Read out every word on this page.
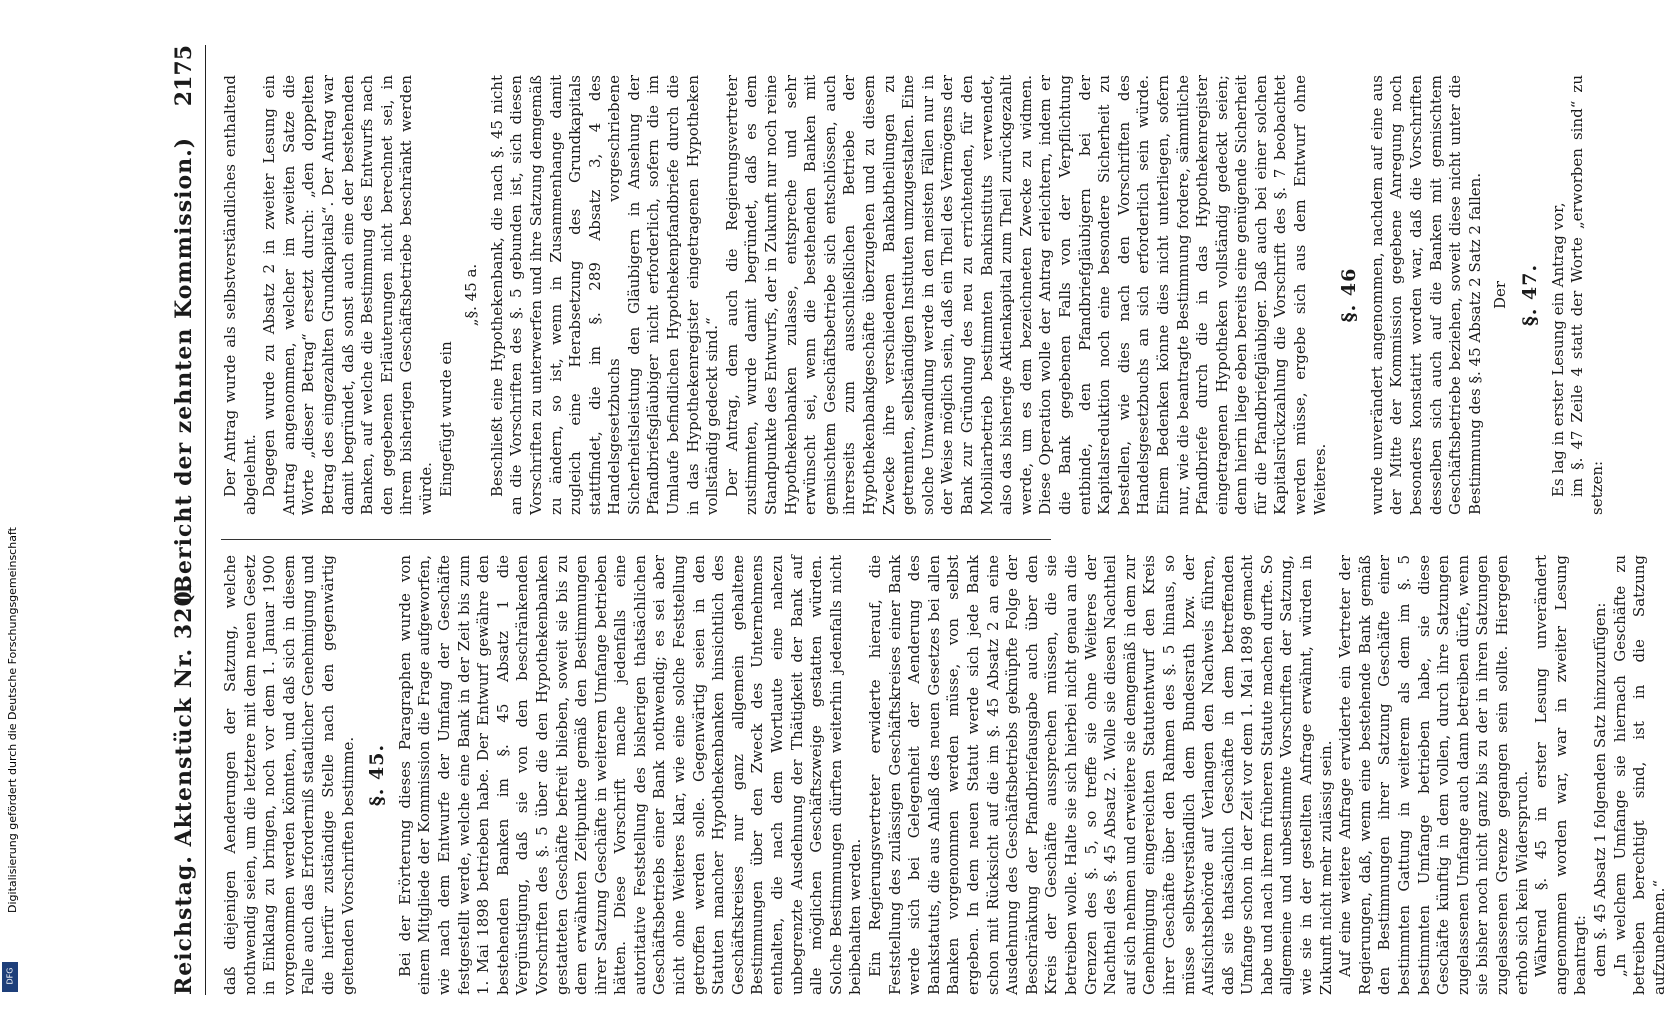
Reichstag. Aktenstück Nr. 320.
(Bericht der zehnten Kommission.)
2175

daß diejenigen Aenderungen der Satzung, welche nothwendig seien, um die letztere mit dem neuen Gesetz in Einklang zu bringen, noch vor dem 1. Januar 1900 vorgenommen werden könnten, und daß sich in diesem Falle auch das Erforderniß staatlicher Genehmigung und die hierfür zuständige Stelle nach den gegenwärtig geltenden Vorschriften bestimme. §. 45. Bei der Erörterung dieses Paragraphen wurde von einem Mitgliede der Kommission die Frage aufgeworfen, wie nach dem Entwurfe der Umfang der Geschäfte festgestellt werde, welche eine Bank in der Zeit bis zum 1. Mai 1898 betrieben habe. Der Entwurf gewähre den bestehenden Banken im §. 45 Absatz 1 die Vergünstigung, daß sie von den beschränkenden Vorschriften des §. 5 über die den Hypothekenbanken gestatteten Geschäfte befreit blieben, soweit sie bis zu dem erwähnten Zeitpunkte gemäß den Bestimmungen ihrer Satzung Geschäfte in weiterem Umfange betrieben hätten. Diese Vorschrift mache jedenfalls eine autoritative Feststellung des bisherigen thatsächlichen Geschäftsbetriebs einer Bank nothwendig; es sei aber nicht ohne Weiteres klar, wie eine solche Feststellung getroffen werden solle. Gegenwärtig seien in den Statuten mancher Hypothekenbanken hinsichtlich des Geschäftskreises nur ganz allgemein gehaltene Bestimmungen über den Zweck des Unternehmens enthalten, die nach dem Wortlaute eine nahezu unbegrenzte Ausdehnung der Thätigkeit der Bank auf alle möglichen Geschäftszweige gestatten würden. Solche Bestimmungen dürften weiterhin jedenfalls nicht beibehalten werden. Ein Regierungsvertreter erwiderte hierauf, die Feststellung des zulässigen Geschäftskreises einer Bank werde sich bei Gelegenheit der Aenderung des Bankstatuts, die aus Anlaß des neuen Gesetzes bei allen Banken vorgenommen werden müsse, von selbst ergeben. In dem neuen Statut werde sich jede Bank schon mit Rücksicht auf die im §. 45 Absatz 2 an eine Ausdehnung des Geschäftsbetriebs geknüpfte Folge der Beschränkung der Pfandbriefausgabe auch über den Kreis der Geschäfte aussprechen müssen, die sie betreiben wolle. Halte sie sich hierbei nicht genau an die Grenzen des §. 5, so treffe sie ohne Weiteres der Nachtheil des §. 45 Absatz 2. Wolle sie diesen Nachtheil auf sich nehmen und erweitere sie demgemäß in dem zur Genehmigung eingereichten Statutentwurf den Kreis ihrer Geschäfte über den Rahmen des §. 5 hinaus, so müsse selbstverständlich dem Bundesrath bzw. der Aufsichtsbehörde auf Verlangen den Nachweis führen, daß sie thatsächlich Geschäfte in dem betreffenden Umfange schon in der Zeit vor dem 1. Mai 1898 gemacht habe und nach ihrem früheren Statute machen durfte. So allgemeine und unbestimmte Vorschriften der Satzung, wie sie in der gestellten Anfrage erwähnt, würden in Zukunft nicht mehr zulässig sein. Auf eine weitere Anfrage erwiderte ein Vertreter der Regierungen, daß, wenn eine bestehende Bank gemäß den Bestimmungen ihrer Satzung Geschäfte einer bestimmten Gattung in weiterem als dem im §. 5 bestimmten Umfange betrieben habe, sie diese Geschäfte künftig in dem vollen, durch ihre Satzungen zugelassenen Umfange auch dann betreiben dürfe, wenn sie bisher noch nicht ganz bis zu der in ihren Satzungen zugelassenen Grenze gegangen sein sollte. Hiergegen erhob sich kein Widerspruch. Während §. 45 in erster Lesung unverändert angenommen worden war, war in zweiter Lesung beantragt: dem §. 45 Absatz 1 folgenden Satz hinzuzufügen: „In welchem Umfange sie hiernach Geschäfte zu betreiben berechtigt sind, ist in die Satzung aufzunehmen.“

Der Antrag wurde als selbstverständliches enthaltend abgelehnt. Dagegen wurde zu Absatz 2 in zweiter Lesung ein Antrag angenommen, welcher im zweiten Satze die Worte „dieser Betrag“ ersetzt durch: „den doppelten Betrag des eingezahlten Grundkapitals“. Der Antrag war damit begründet, daß sonst auch eine der bestehenden Banken, auf welche die Bestimmung des Entwurfs nach den gegebenen Erläuterungen nicht berechnet sei, in ihrem bisherigen Geschäftsbetriebe beschränkt werden würde. Eingefügt wurde ein

„§. 45 a. Beschließt eine Hypothekenbank, die nach §. 45 nicht an die Vorschriften des §. 5 gebunden ist, sich diesen Vorschriften zu unterwerfen und ihre Satzung demgemäß zu ändern, so ist, wenn in Zusammenhange damit zugleich eine Herabsetzung des Grundkapitals stattfindet, die im §. 289 Absatz 3, 4 des Handelsgesetzbuchs vorgeschriebene Sicherheitsleistung den Gläubigern in Ansehung der Pfandbriefsgläubiger nicht erforderlich, sofern die im Umlaufe befindlichen Hypothekenpfandbriefe durch die in das Hypothekenregister eingetragenen Hypotheken vollständig gedeckt sind.“ Der Antrag, dem auch die Regierungsvertreter zustimmten, wurde damit begründet, daß es dem Standpunkte des Entwurfs, der in Zukunft nur noch reine Hypothekenbanken zulasse, entspreche und sehr erwünscht sei, wenn die bestehenden Banken mit gemischtem Geschäftsbetriebe sich entschlössen, auch ihrerseits zum ausschließlichen Betriebe der Hypothekenbankgeschäfte überzugehen und zu diesem Zwecke ihre verschiedenen Bankabtheilungen zu getrennten, selbständigen Instituten umzugestalten. Eine solche Umwandlung werde in den meisten Fällen nur in der Weise möglich sein, daß ein Theil des Vermögens der Bank zur Gründung des neu zu errichtenden, für den Mobiliarbetrieb bestimmten Bankinstituts verwendet, also das bisherige Aktienkapital zum Theil zurückgezahlt werde, um es dem bezeichneten Zwecke zu widmen. Diese Operation wolle der Antrag erleichtern, indem er die Bank gegebenen Falls von der Verpflichtung entbinde, den Pfandbriefgläubigern bei der Kapitalsreduktion noch eine besondere Sicherheit zu bestellen, wie dies nach den Vorschriften des Handelsgesetzbuchs an sich erforderlich sein würde. Einem Bedenken könne dies nicht unterliegen, sofern nur, wie die beantragte Bestimmung fordere, sämmtliche Pfandbriefe durch die in das Hypothekenregister eingetragenen Hypotheken vollständig gedeckt seien; denn hierin liege eben bereits eine genügende Sicherheit für die Pfandbriefgläubiger. Daß auch bei einer solchen Kapitalsrückzahlung die Vorschrift des §. 7 beobachtet werden müsse, ergebe sich aus dem Entwurf ohne Weiteres.

§. 46 wurde unverändert angenommen, nachdem auf eine aus der Mitte der Kommission gegebene Anregung noch besonders konstatirt worden war, daß die Vorschriften desselben sich auch auf die Banken mit gemischtem Geschäftsbetriebe beziehen, soweit diese nicht unter die Bestimmung des §. 45 Absatz 2 Satz 2 fallen. Der §. 47. Es lag in erster Lesung ein Antrag vor, im §. 47 Zeile 4 statt der Worte „erworben sind“ zu setzen:

Digitalisierung gefördert durch die Deutsche Forschungsgemeinschaft
DFG
